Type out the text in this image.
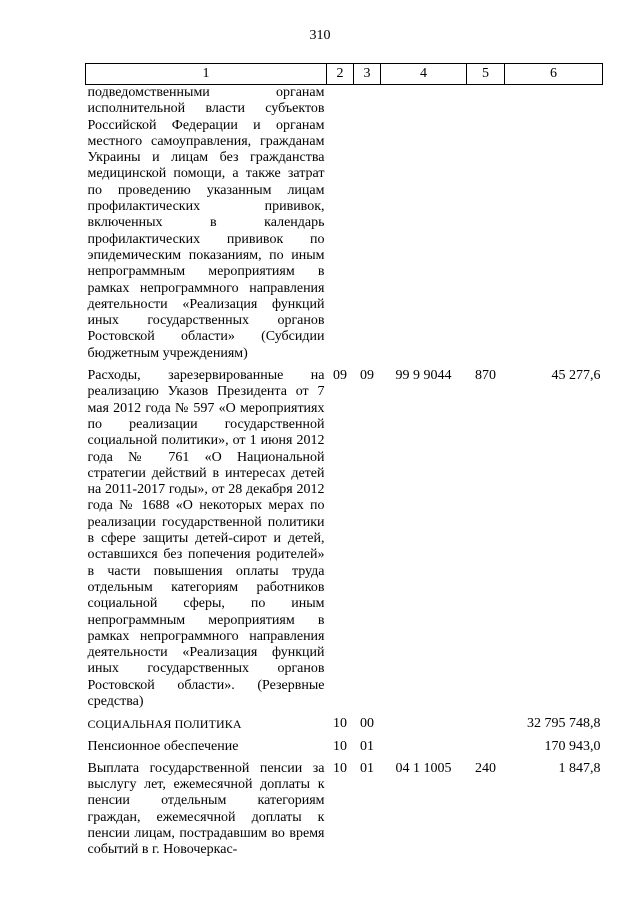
310
1	2	3	4	5	6
подведомственными органам исполнительной власти субъектов Российской Федерации и органам местного самоуправления, гражданам Украины и лицам без гражданства медицинской помощи, а также затрат по проведению указанным лицам профилактических прививок, включенных в календарь профилактических прививок по эпидемическим показаниям, по иным непрограммным мероприятиям в рамках непрограммного направления деятельности «Реализация функций иных государственных органов Ростовской области» (Субсидии бюджетным учреждениям)					

Расходы, зарезервированные на реализацию Указов Президента от 7 мая 2012 года № 597 «О мероприятиях по реализации государственной социальной политики», от 1 июня 2012 года № 761 «О Национальной стратегии действий в интересах детей на 2011-2017 годы», от 28 декабря 2012 года № 1688 «О некоторых мерах по реализации государственной политики в сфере защиты детей-сирот и детей, оставшихся без попечения родителей» в части повышения оплаты труда отдельным категориям работников социальной сферы, по иным непрограммным мероприятиям в рамках непрограммного направления деятельности «Реализация функций иных государственных органов Ростовской области». (Резервные средства)	09	09	99 9 9044	870	45 277,6

СОЦИАЛЬНАЯ ПОЛИТИКА	10	00			32 795 748,8

Пенсионное обеспечение	10	01			170 943,0

Выплата государственной пенсии за выслугу лет, ежемесячной доплаты к пенсии отдельным категориям граждан, ежемесячной доплаты к пенсии лицам, пострадавшим во время событий в г. Новочеркас-	10	01	04 1 1005	240	1 847,8
